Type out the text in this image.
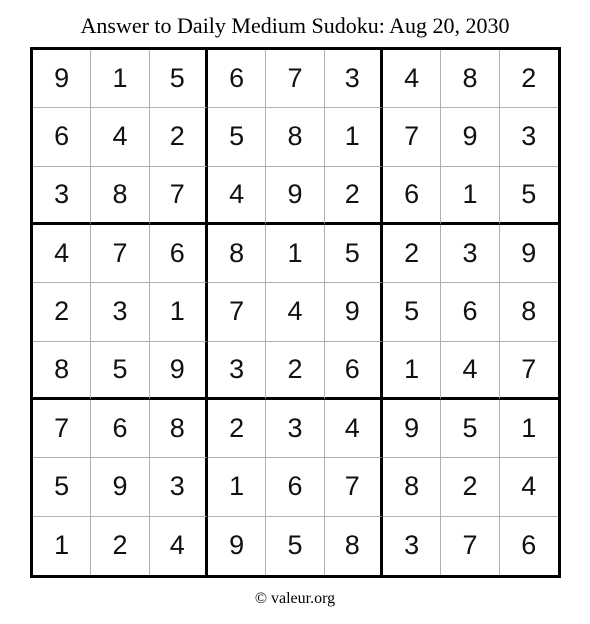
Answer to Daily Medium Sudoku: Aug 20, 2030
9	1	5	6	7	3	4	8	2
6	4	2	5	8	1	7	9	3
3	8	7	4	9	2	6	1	5
4	7	6	8	1	5	2	3	9
2	3	1	7	4	9	5	6	8
8	5	9	3	2	6	1	4	7
7	6	8	2	3	4	9	5	1
5	9	3	1	6	7	8	2	4
1	2	4	9	5	8	3	7	6
© valeur.org
